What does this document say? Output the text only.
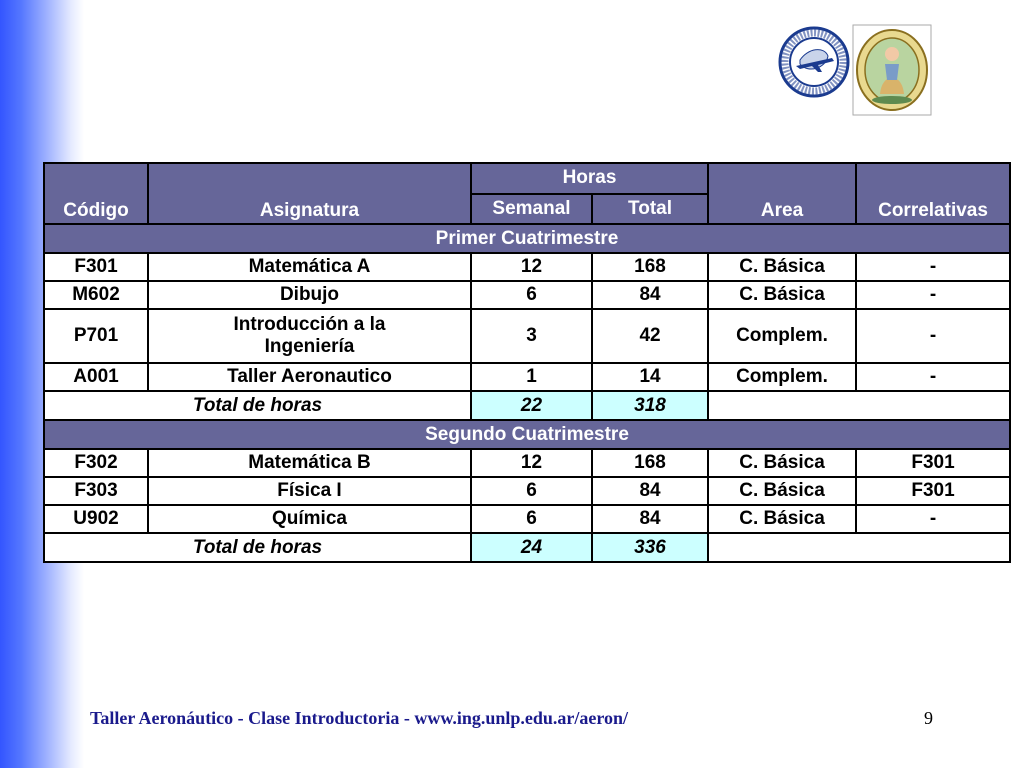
Código	Asignatura	Horas		Area	Correlativas
		Semanal	Total		
Primer Cuatrimestre					
F301	Matemática A	12	168	C. Básica	-
M602	Dibujo	6	84	C. Básica	-
P701	Introducción a la Ingeniería	3	42	Complem.	-
A001	Taller Aeronautico	1	14	Complem.	-
Total de horas		22	318		
Segundo Cuatrimestre					
F302	Matemática B	12	168	C. Básica	F301
F303	Física I	6	84	C. Básica	F301
U902	Química	6	84	C. Básica	-
Total de horas		24	336		
Taller Aeronáutico - Clase Introductoria - www.ing.unlp.edu.ar/aeron/	9
